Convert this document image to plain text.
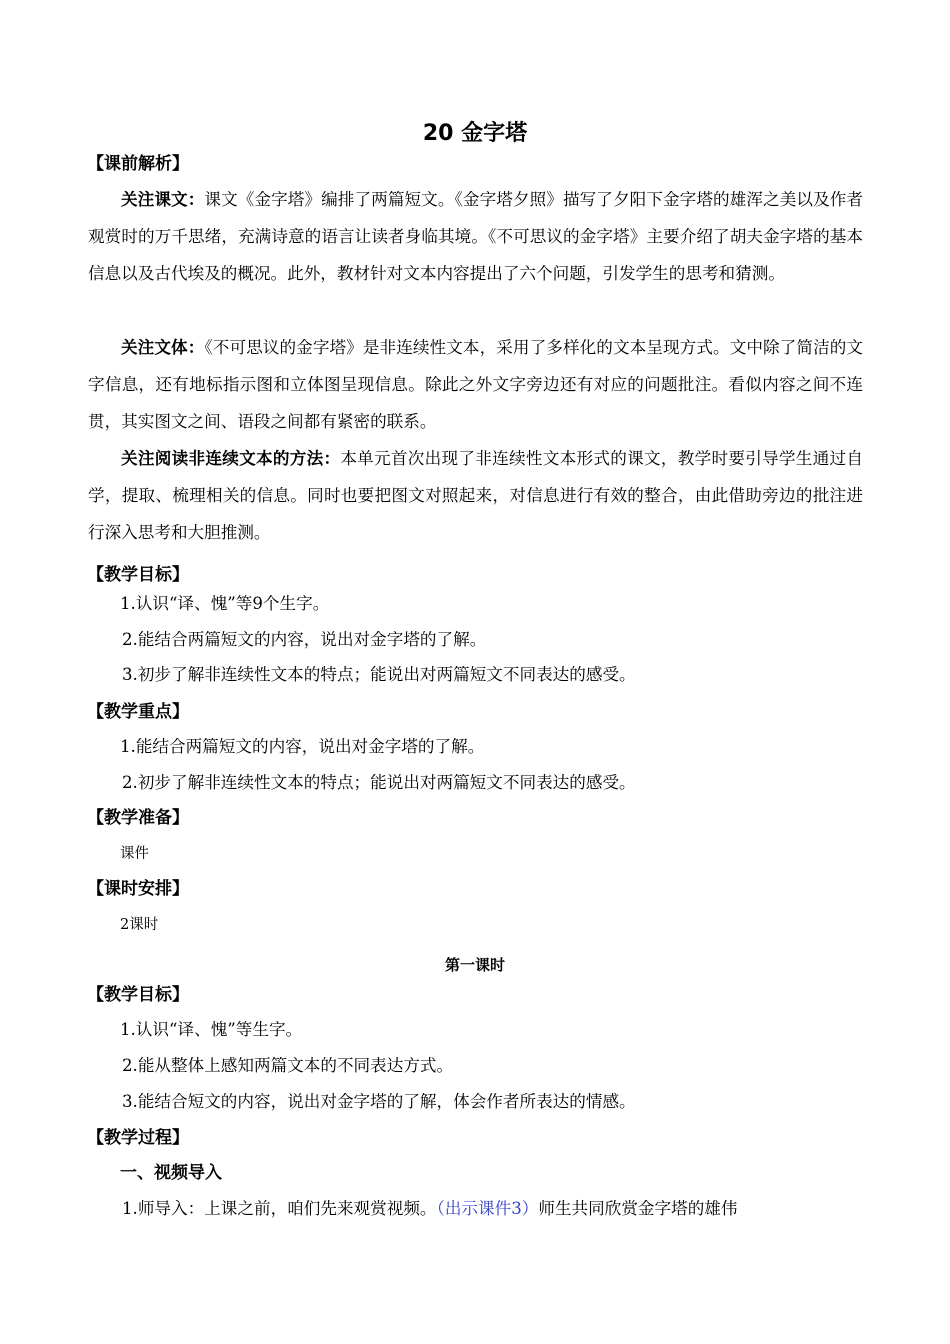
20 金字塔
【课前解析】
关注课文：课文《金字塔》编排了两篇短文。《金字塔夕照》描写了夕阳下金字塔的雄浑之美以及作者观赏时的万千思绪，充满诗意的语言让读者身临其境。《不可思议的金字塔》主要介绍了胡夫金字塔的基本信息以及古代埃及的概况。此外，教材针对文本内容提出了六个问题，引发学生的思考和猜测。
关注文体：《不可思议的金字塔》是非连续性文本，采用了多样化的文本呈现方式。文中除了简洁的文字信息，还有地标指示图和立体图呈现信息。除此之外文字旁边还有对应的问题批注。看似内容之间不连贯，其实图文之间、语段之间都有紧密的联系。
关注阅读非连续文本的方法：本单元首次出现了非连续性文本形式的课文，教学时要引导学生通过自学，提取、梳理相关的信息。同时也要把图文对照起来，对信息进行有效的整合，由此借助旁边的批注进行深入思考和大胆推测。
【教学目标】
1.认识“译、愧”等9个生字。
2.能结合两篇短文的内容，说出对金字塔的了解。
3.初步了解非连续性文本的特点；能说出对两篇短文不同表达的感受。
【教学重点】
1.能结合两篇短文的内容，说出对金字塔的了解。
2.初步了解非连续性文本的特点；能说出对两篇短文不同表达的感受。
【教学准备】
课件
【课时安排】
2课时
第一课时
【教学目标】
1.认识“译、愧”等生字。
2.能从整体上感知两篇文本的不同表达方式。
3.能结合短文的内容，说出对金字塔的了解，体会作者所表达的情感。
【教学过程】
一、视频导入
1.师导入：上课之前，咱们先来观赏视频。（出示课件3）师生共同欣赏金字塔的雄伟
